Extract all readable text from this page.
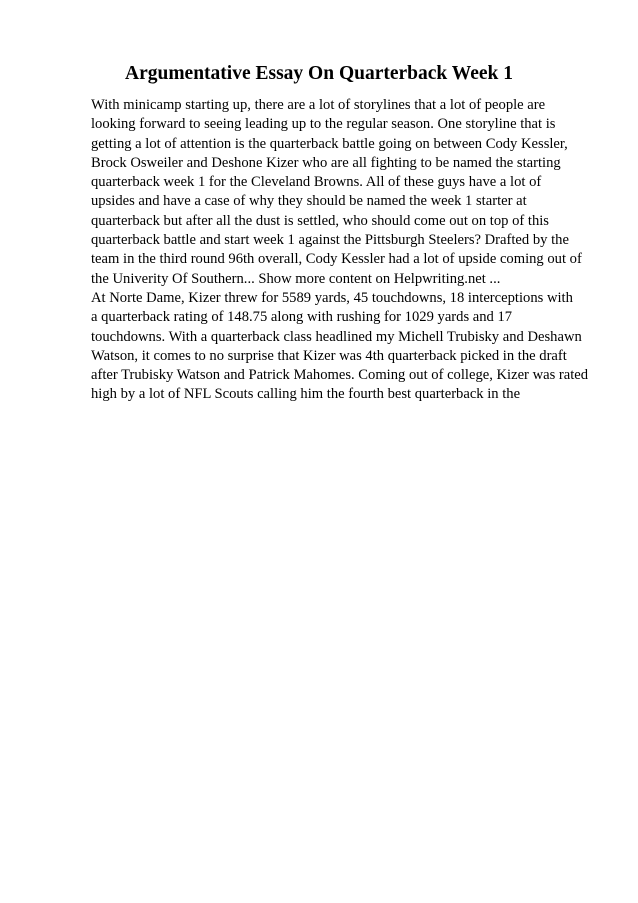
Argumentative Essay On Quarterback Week 1
With minicamp starting up, there are a lot of storylines that a lot of people are
looking forward to seeing leading up to the regular season. One storyline that is
getting a lot of attention is the quarterback battle going on between Cody Kessler,
Brock Osweiler and Deshone Kizer who are all fighting to be named the starting
quarterback week 1 for the Cleveland Browns. All of these guys have a lot of
upsides and have a case of why they should be named the week 1 starter at
quarterback but after all the dust is settled, who should come out on top of this
quarterback battle and start week 1 against the Pittsburgh Steelers? Drafted by the
team in the third round 96th overall, Cody Kessler had a lot of upside coming out of
the Univerity Of Southern... Show more content on Helpwriting.net ...
At Norte Dame, Kizer threw for 5589 yards, 45 touchdowns, 18 interceptions with
a quarterback rating of 148.75 along with rushing for 1029 yards and 17
touchdowns. With a quarterback class headlined my Michell Trubisky and Deshawn
Watson, it comes to no surprise that Kizer was 4th quarterback picked in the draft
after Trubisky Watson and Patrick Mahomes. Coming out of college, Kizer was rated
high by a lot of NFL Scouts calling him the fourth best quarterback in the
